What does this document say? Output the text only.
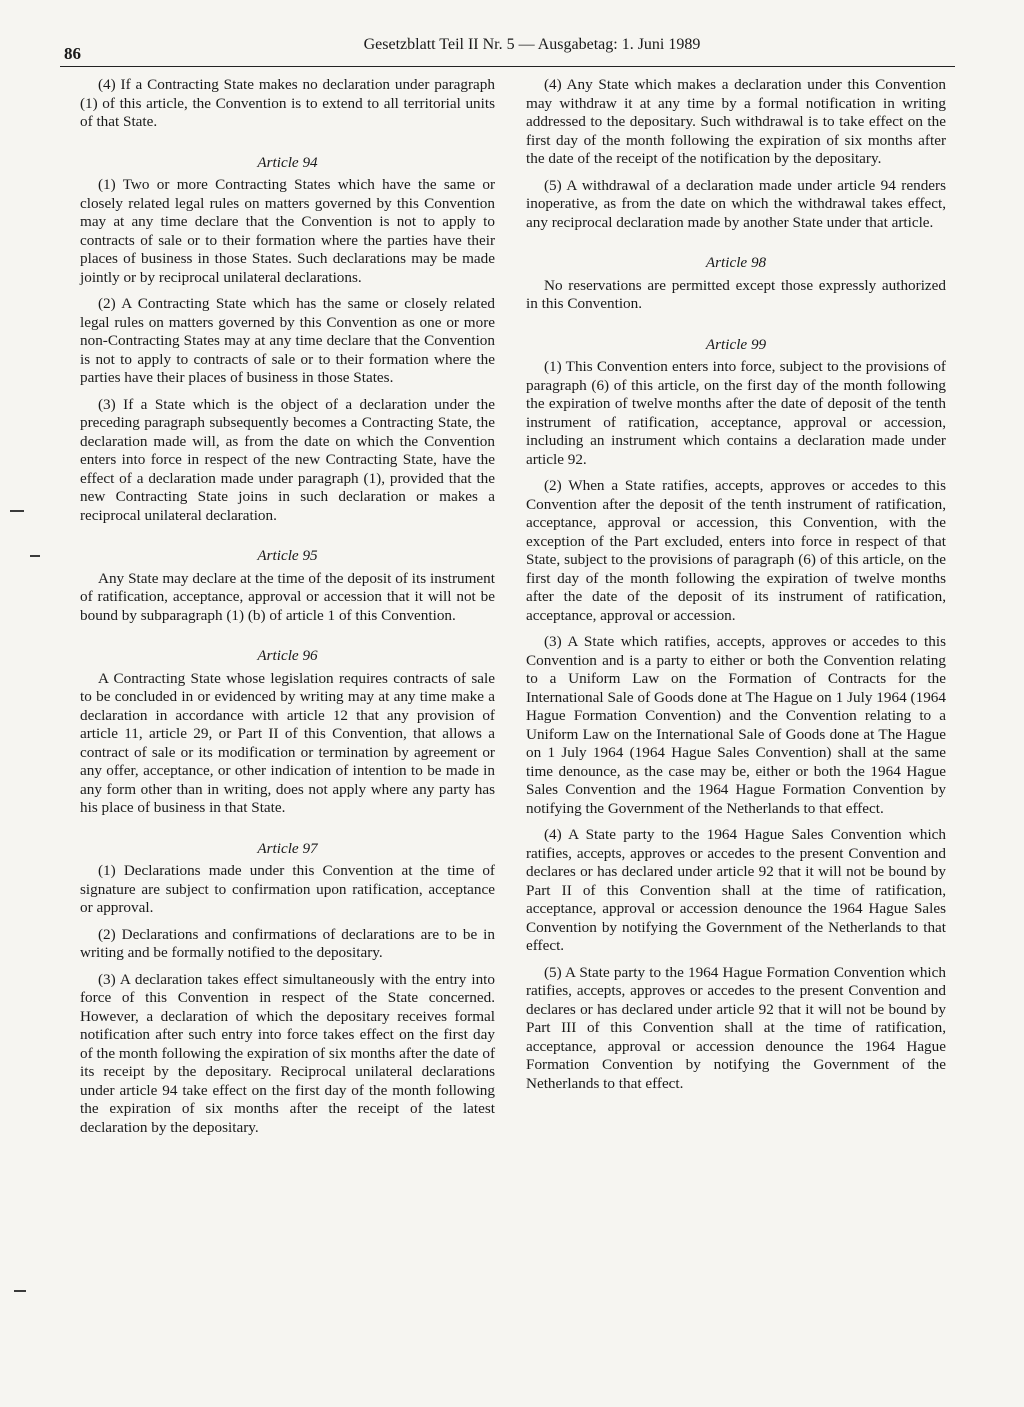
86	Gesetzblatt Teil II Nr. 5 — Ausgabetag: 1. Juni 1989

(4) If a Contracting State makes no declaration under paragraph (1) of this article, the Convention is to extend to all territorial units of that State.

Article 94

(1) Two or more Contracting States which have the same or closely related legal rules on matters governed by this Convention may at any time declare that the Convention is not to apply to contracts of sale or to their formation where the parties have their places of business in those States. Such declarations may be made jointly or by reciprocal unilateral declarations.

(2) A Contracting State which has the same or closely related legal rules on matters governed by this Convention as one or more non-Contracting States may at any time declare that the Convention is not to apply to contracts of sale or to their formation where the parties have their places of business in those States.

(3) If a State which is the object of a declaration under the preceding paragraph subsequently becomes a Contracting State, the declaration made will, as from the date on which the Convention enters into force in respect of the new Contracting State, have the effect of a declaration made under paragraph (1), provided that the new Contracting State joins in such declaration or makes a reciprocal unilateral declaration.

Article 95

Any State may declare at the time of the deposit of its instrument of ratification, acceptance, approval or accession that it will not be bound by subparagraph (1) (b) of article 1 of this Convention.

Article 96

A Contracting State whose legislation requires contracts of sale to be concluded in or evidenced by writing may at any time make a declaration in accordance with article 12 that any provision of article 11, article 29, or Part II of this Convention, that allows a contract of sale or its modification or termination by agreement or any offer, acceptance, or other indication of intention to be made in any form other than in writing, does not apply where any party has his place of business in that State.

Article 97

(1) Declarations made under this Convention at the time of signature are subject to confirmation upon ratification, acceptance or approval.

(2) Declarations and confirmations of declarations are to be in writing and be formally notified to the depositary.

(3) A declaration takes effect simultaneously with the entry into force of this Convention in respect of the State concerned. However, a declaration of which the depositary receives formal notification after such entry into force takes effect on the first day of the month following the expiration of six months after the date of its receipt by the depositary. Reciprocal unilateral declarations under article 94 take effect on the first day of the month following the expiration of six months after the receipt of the latest declaration by the depositary.

(4) Any State which makes a declaration under this Convention may withdraw it at any time by a formal notification in writing addressed to the depositary. Such withdrawal is to take effect on the first day of the month following the expiration of six months after the date of the receipt of the notification by the depositary.

(5) A withdrawal of a declaration made under article 94 renders inoperative, as from the date on which the withdrawal takes effect, any reciprocal declaration made by another State under that article.

Article 98

No reservations are permitted except those expressly authorized in this Convention.

Article 99

(1) This Convention enters into force, subject to the provisions of paragraph (6) of this article, on the first day of the month following the expiration of twelve months after the date of deposit of the tenth instrument of ratification, acceptance, approval or accession, including an instrument which contains a declaration made under article 92.

(2) When a State ratifies, accepts, approves or accedes to this Convention after the deposit of the tenth instrument of ratification, acceptance, approval or accession, this Convention, with the exception of the Part excluded, enters into force in respect of that State, subject to the provisions of paragraph (6) of this article, on the first day of the month following the expiration of twelve months after the date of the deposit of its instrument of ratification, acceptance, approval or accession.

(3) A State which ratifies, accepts, approves or accedes to this Convention and is a party to either or both the Convention relating to a Uniform Law on the Formation of Contracts for the International Sale of Goods done at The Hague on 1 July 1964 (1964 Hague Formation Convention) and the Convention relating to a Uniform Law on the International Sale of Goods done at The Hague on 1 July 1964 (1964 Hague Sales Convention) shall at the same time denounce, as the case may be, either or both the 1964 Hague Sales Convention and the 1964 Hague Formation Convention by notifying the Government of the Netherlands to that effect.

(4) A State party to the 1964 Hague Sales Convention which ratifies, accepts, approves or accedes to the present Convention and declares or has declared under article 92 that it will not be bound by Part II of this Convention shall at the time of ratification, acceptance, approval or accession denounce the 1964 Hague Sales Convention by notifying the Government of the Netherlands to that effect.

(5) A State party to the 1964 Hague Formation Convention which ratifies, accepts, approves or accedes to the present Convention and declares or has declared under article 92 that it will not be bound by Part III of this Convention shall at the time of ratification, acceptance, approval or accession denounce the 1964 Hague Formation Convention by notifying the Government of the Netherlands to that effect.
